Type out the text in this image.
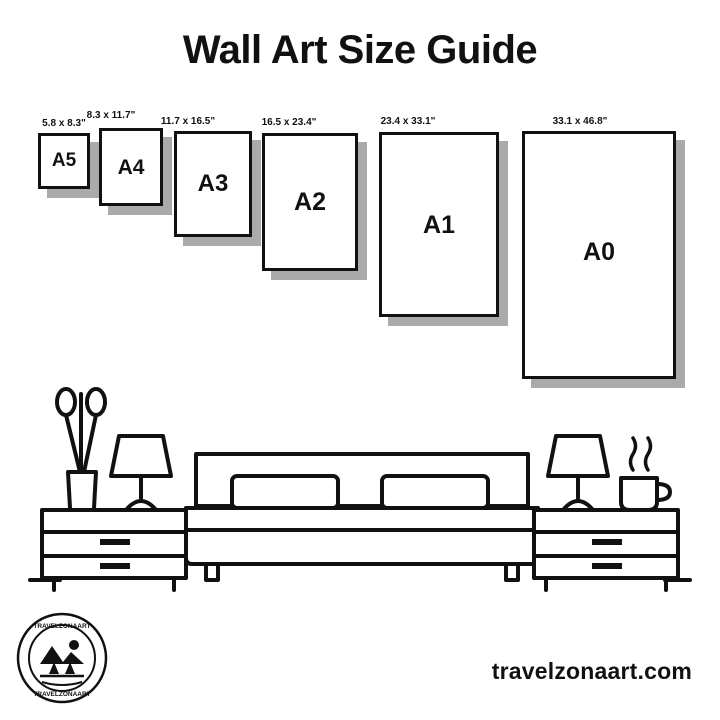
Wall Art Size Guide
5.8 x 8.3"
A5
8.3 x 11.7"
A4
11.7 x 16.5"
A3
16.5 x 23.4"
A2
23.4 x 33.1"
A1
33.1 x 46.8"
A0
TRAVELZONAART
TRAVELZONAART
travelzonaart.com
